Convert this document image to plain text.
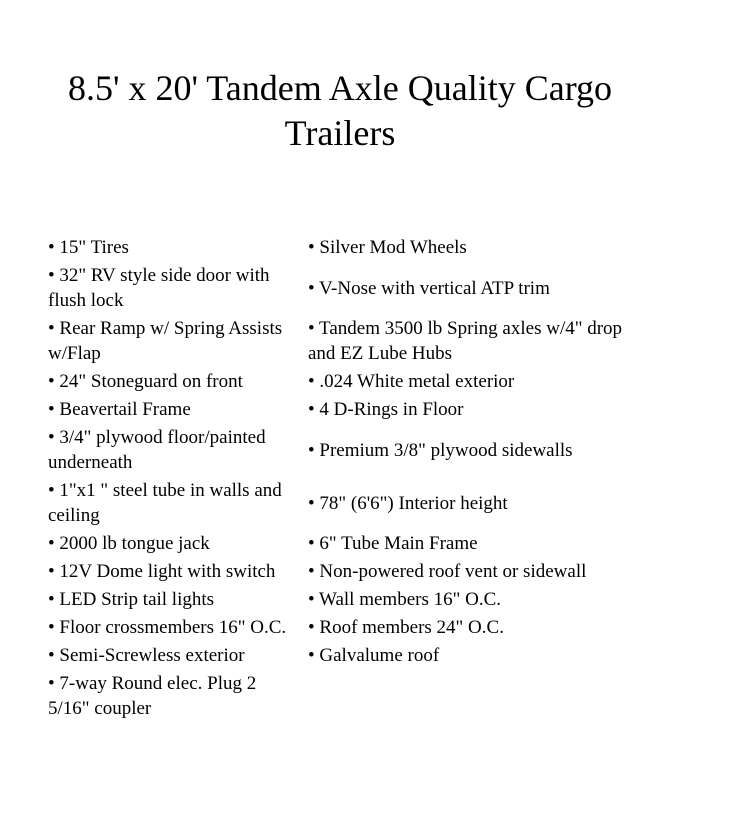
8.5' x 20' Tandem Axle Quality Cargo Trailers
• 15" Tires	• Silver Mod Wheels
• 32" RV style side door with flush lock	• V-Nose with vertical ATP trim
• Rear Ramp w/ Spring Assists w/Flap	• Tandem 3500 lb Spring axles w/4" drop and EZ Lube Hubs
• 24" Stoneguard on front	• .024 White metal exterior
• Beavertail Frame	• 4 D-Rings in Floor
• 3/4" plywood floor/painted underneath	• Premium 3/8" plywood sidewalls
• 1"x1 " steel tube in walls and ceiling	• 78" (6'6") Interior height
• 2000 lb tongue jack	• 6" Tube Main Frame
• 12V Dome light with switch	• Non-powered roof vent or sidewall
• LED Strip tail lights	• Wall members 16" O.C.
• Floor crossmembers 16" O.C.	• Roof members 24" O.C.
• Semi-Screwless exterior	• Galvalume roof
• 7-way Round elec. Plug 2 5/16" coupler	
